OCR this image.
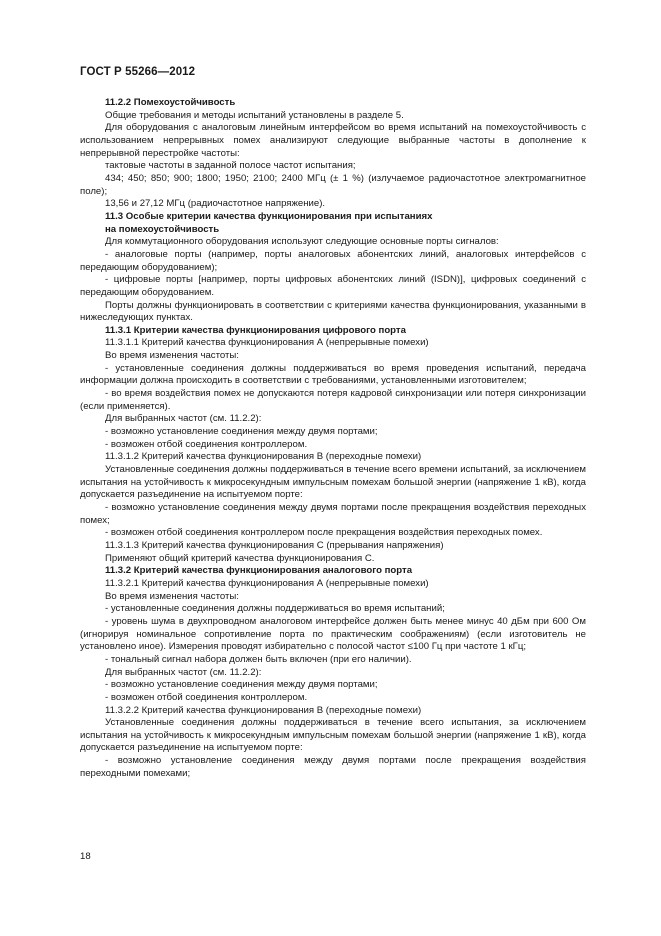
ГОСТ Р 55266—2012

11.2.2 Помехоустойчивость

Общие требования и методы испытаний установлены в разделе 5.

Для оборудования с аналоговым линейным интерфейсом во время испытаний на помехоустойчивость с использованием непрерывных помех анализируют следующие выбранные частоты в дополнение к непрерывной перестройке частоты:

тактовые частоты в заданной полосе частот испытания;

434; 450; 850; 900; 1800; 1950; 2100; 2400 МГц (± 1 %) (излучаемое радиочастотное электромагнитное поле);

13,56 и 27,12 МГц (радиочастотное напряжение).

11.3 Особые критерии качества функционирования при испытаниях

на помехоустойчивость

Для коммутационного оборудования используют следующие основные порты сигналов:

- аналоговые порты (например, порты аналоговых абонентских линий, аналоговых интерфейсов с передающим оборудованием);

- цифровые порты [например, порты цифровых абонентских линий (ISDN)], цифровых соединений с передающим оборудованием.

Порты должны функционировать в соответствии с критериями качества функционирования, указанными в нижеследующих пунктах.

11.3.1 Критерии качества функционирования цифрового порта

11.3.1.1 Критерий качества функционирования А (непрерывные помехи)

Во время изменения частоты:

- установленные соединения должны поддерживаться во время проведения испытаний, передача информации должна происходить в соответствии с требованиями, установленными изготовителем;

- во время воздействия помех не допускаются потеря кадровой синхронизации или потеря синхронизации (если применяется).

Для выбранных частот (см. 11.2.2):

- возможно установление соединения между двумя портами;

- возможен отбой соединения контроллером.

11.3.1.2 Критерий качества функционирования В (переходные помехи)

Установленные соединения должны поддерживаться в течение всего времени испытаний, за исключением испытания на устойчивость к микросекундным импульсным помехам большой энергии (напряжение 1 кВ), когда допускается разъединение на испытуемом порте:

- возможно установление соединения между двумя портами после прекращения воздействия переходных помех;

- возможен отбой соединения контроллером после прекращения воздействия переходных помех.

11.3.1.3 Критерий качества функционирования С (прерывания напряжения)

Применяют общий критерий качества функционирования С.

11.3.2 Критерий качества функционирования аналогового порта

11.3.2.1 Критерий качества функционирования А (непрерывные помехи)

Во время изменения частоты:

- установленные соединения должны поддерживаться во время испытаний;

- уровень шума в двухпроводном аналоговом интерфейсе должен быть менее минус 40 дБм при 600 Ом (игнорируя номинальное сопротивление порта по практическим соображениям) (если изготовитель не установлено иное). Измерения проводят избирательно с полосой частот ≤100 Гц при частоте 1 кГц;

- тональный сигнал набора должен быть включен (при его наличии).

Для выбранных частот (см. 11.2.2):

- возможно установление соединения между двумя портами;

- возможен отбой соединения контроллером.

11.3.2.2 Критерий качества функционирования В (переходные помехи)

Установленные соединения должны поддерживаться в течение всего испытания, за исключением испытания на устойчивость к микросекундным импульсным помехам большой энергии (напряжение 1 кВ), когда допускается разъединение на испытуемом порте:

- возможно установление соединения между двумя портами после прекращения воздействия переходными помехами;

18
